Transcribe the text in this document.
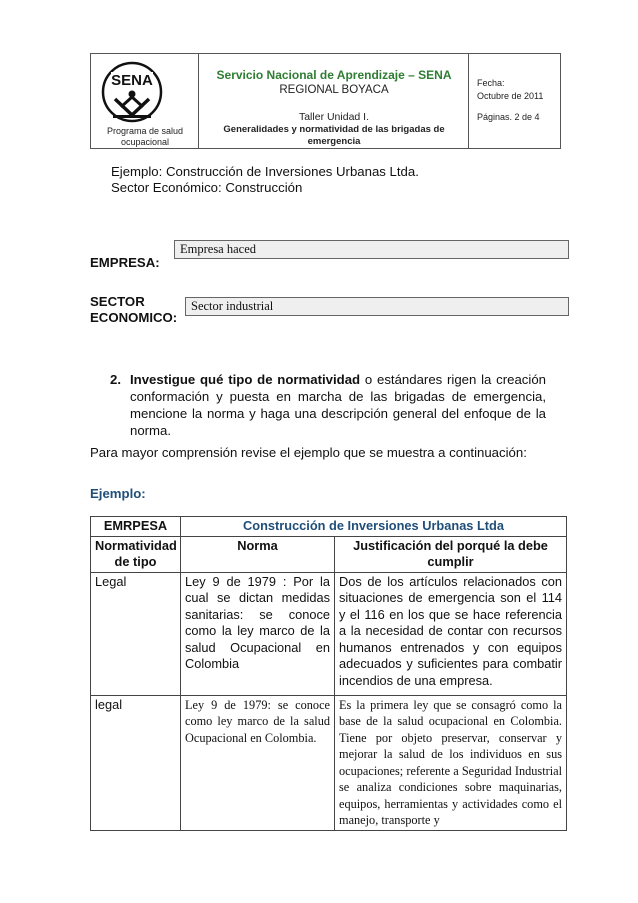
SENA
Programa de salud
ocupacional
Servicio Nacional de Aprendizaje – SENA
REGIONAL BOYACA
Taller Unidad I.
Generalidades y normatividad de las brigadas de
emergencia
Fecha:
Octubre de 2011
Páginas. 2 de 4
Ejemplo: Construcción de Inversiones Urbanas Ltda.
Sector Económico: Construcción
EMPRESA:
Empresa haced
SECTOR
ECONOMICO:
Sector industrial
2. Investigue qué tipo de normatividad o estándares rigen la creación conformación y puesta en marcha de las brigadas de emergencia, mencione la norma y haga una descripción general del enfoque de la norma.
Para mayor comprensión revise el ejemplo que se muestra a continuación:
Ejemplo:
EMRPESA	Construcción de Inversiones Urbanas Ltda	
Normatividad de tipo	Norma	Justificación del porqué la debe cumplir
Legal	Ley 9 de 1979 : Por la cual se dictan medidas sanitarias: se conoce como la ley marco de la salud Ocupacional en Colombia	Dos de los artículos relacionados con situaciones de emergencia son el 114 y el 116 en los que se hace referencia a la necesidad de contar con recursos humanos entrenados y con equipos adecuados y suficientes para combatir incendios de una empresa.
legal	Ley 9 de 1979: se conoce como ley marco de la salud Ocupacional en Colombia.	Es la primera ley que se consagró como la base de la salud ocupacional en Colombia. Tiene por objeto preservar, conservar y mejorar la salud de los individuos en sus ocupaciones; referente a Seguridad Industrial se analiza condiciones sobre maquinarias, equipos, herramientas y actividades como el manejo, transporte y
